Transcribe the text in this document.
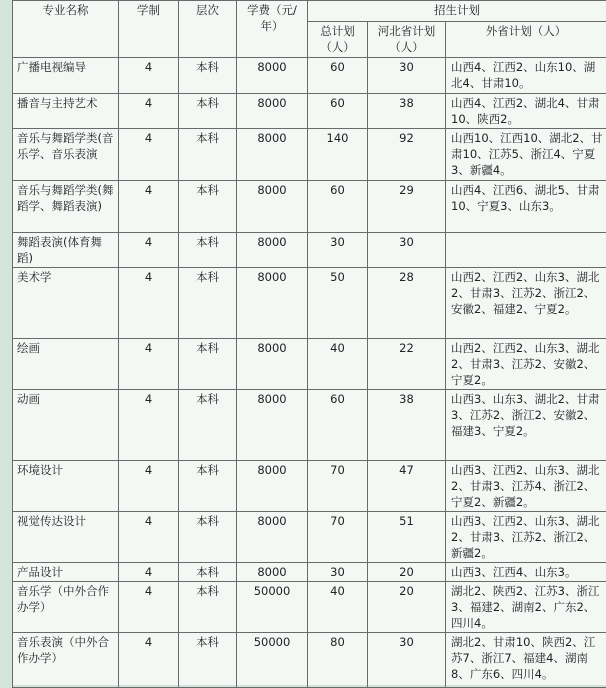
专业名称	学制	层次	学费（元/年）	招生计划		
				总计划（人）	河北省计划（人）	外省计划（人）
广播电视编导	4	本科	8000	60	30	山西4、江西2、山东10、湖北4、甘肃10。
播音与主持艺术	4	本科	8000	60	38	山西4、江西2、湖北4、甘肃10、陕西2。
音乐与舞蹈学类(音乐学、音乐表演	4	本科	8000	140	92	山西10、江西10、湖北2、甘肃10、江苏5、浙江4、宁夏3、新疆4。
音乐与舞蹈学类(舞蹈学、舞蹈表演)	4	本科	8000	60	29	山西4、江西6、湖北5、甘肃10、宁夏3、山东3。
舞蹈表演(体育舞蹈)	4	本科	8000	30	30	
美术学	4	本科	8000	50	28	山西2、江西2、山东3、湖北2、甘肃3、江苏2、浙江2、安徽2、福建2、宁夏2。
绘画	4	本科	8000	40	22	山西2、江西2、山东3、湖北2、甘肃3、江苏2、安徽2、宁夏2。
动画	4	本科	8000	60	38	山西3、山东3、湖北2、甘肃3、江苏2、浙江2、安徽2、福建3、宁夏2。
环境设计	4	本科	8000	70	47	山西3、江西2、山东3、湖北2、甘肃3、江苏4、浙江2、宁夏2、新疆2。
视觉传达设计	4	本科	8000	70	51	山西3、江西2、山东3、湖北2、甘肃3、江苏2、浙江2、新疆2。
产品设计	4	本科	8000	30	20	山西3、江西4、山东3。
音乐学（中外合作办学）	4	本科	50000	40	20	湖北2、陕西2、江苏3、浙江3、福建2、湖南2、广东2、四川4。
音乐表演（中外合作办学）	4	本科	50000	80	30	湖北2、甘肃10、陕西2、江苏7、浙江7、福建4、湖南8、广东6、四川4。
